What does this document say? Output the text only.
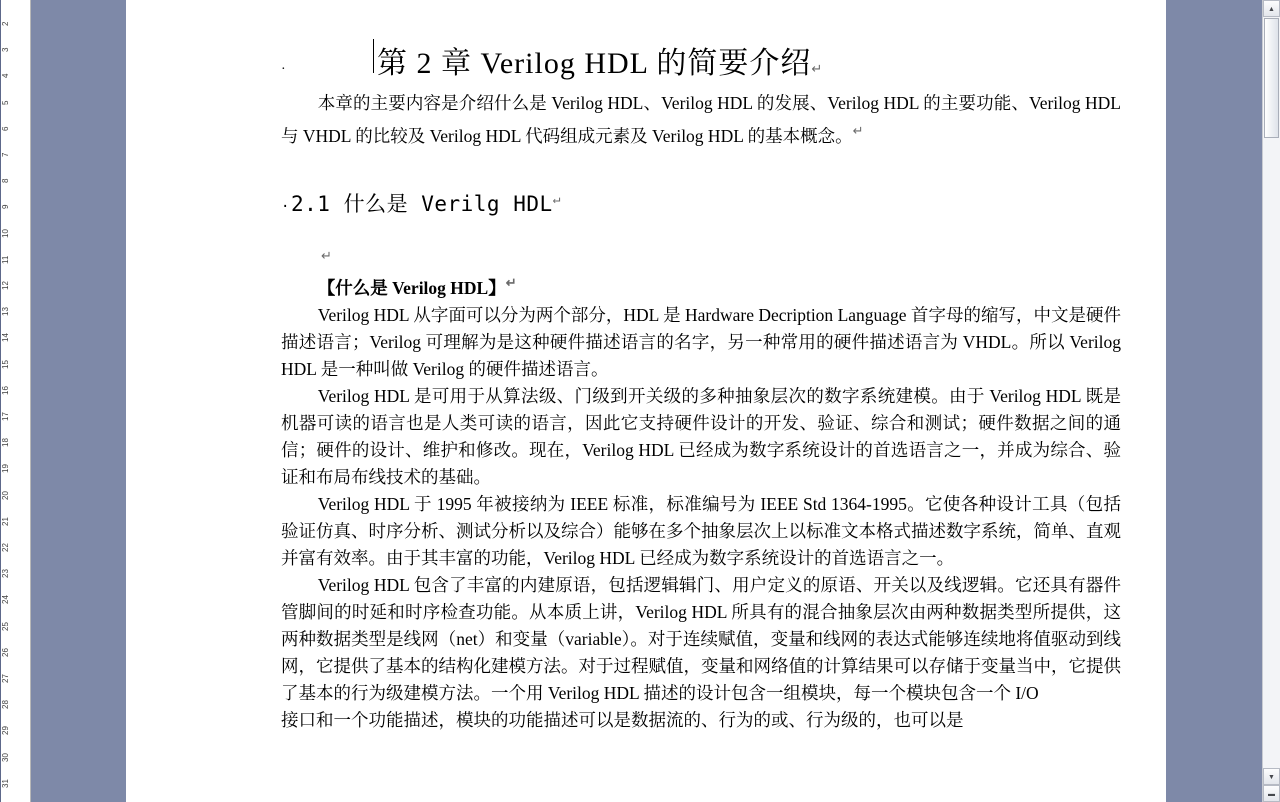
2
3
4
5
6
7
8
9
10
11
12
13
14
15
16
17
18
19
20
21
22
23
24
25
26
27
28
29
30
31
·	第 2 章 Verilog HDL 的简要介绍 ↵

本章的主要内容是介绍什么是 Verilog HDL、Verilog HDL 的发展、Verilog HDL 的主要功能、Verilog HDL 与 VHDL 的比较及 Verilog HDL 代码组成元素及 Verilog HDL 的基本概念。↵

·2.1 什么是 Verilg HDL↵
↵

【什么是 Verilog HDL】↵

Verilog HDL 从字面可以分为两个部分，HDL 是 Hardware Decription Language 首字母的缩写，中文是硬件描述语言；Verilog 可理解为是这种硬件描述语言的名字，另一种常用的硬件描述语言为 VHDL。所以 Verilog HDL 是一种叫做 Verilog 的硬件描述语言。

Verilog HDL 是可用于从算法级、门级到开关级的多种抽象层次的数字系统建模。由于 Verilog HDL 既是机器可读的语言也是人类可读的语言，因此它支持硬件设计的开发、验证、综合和测试；硬件数据之间的通信；硬件的设计、维护和修改。现在，Verilog HDL 已经成为数字系统设计的首选语言之一，并成为综合、验证和布局布线技术的基础。

Verilog HDL 于 1995 年被接纳为 IEEE 标准，标准编号为 IEEE Std 1364-1995。它使各种设计工具（包括验证仿真、时序分析、测试分析以及综合）能够在多个抽象层次上以标准文本格式描述数字系统，简单、直观并富有效率。由于其丰富的功能，Verilog HDL 已经成为数字系统设计的首选语言之一。

Verilog HDL 包含了丰富的内建原语，包括逻辑辑门、用户定义的原语、开关以及线逻辑。它还具有器件管脚间的时延和时序检查功能。从本质上讲，Verilog HDL 所具有的混合抽象层次由两种数据类型所提供，这两种数据类型是线网（net）和变量（variable）。对于连续赋值，变量和线网的表达式能够连续地将值驱动到线网，它提供了基本的结构化建模方法。对于过程赋值，变量和网络值的计算结果可以存储于变量当中，它提供了基本的行为级建模方法。一个用 Verilog HDL 描述的设计包含一组模块，每一个模块包含一个 I/O

接口和一个功能描述，模块的功能描述可以是数据流的、行为的或、行为级的，也可以是

▲
▼
▬
